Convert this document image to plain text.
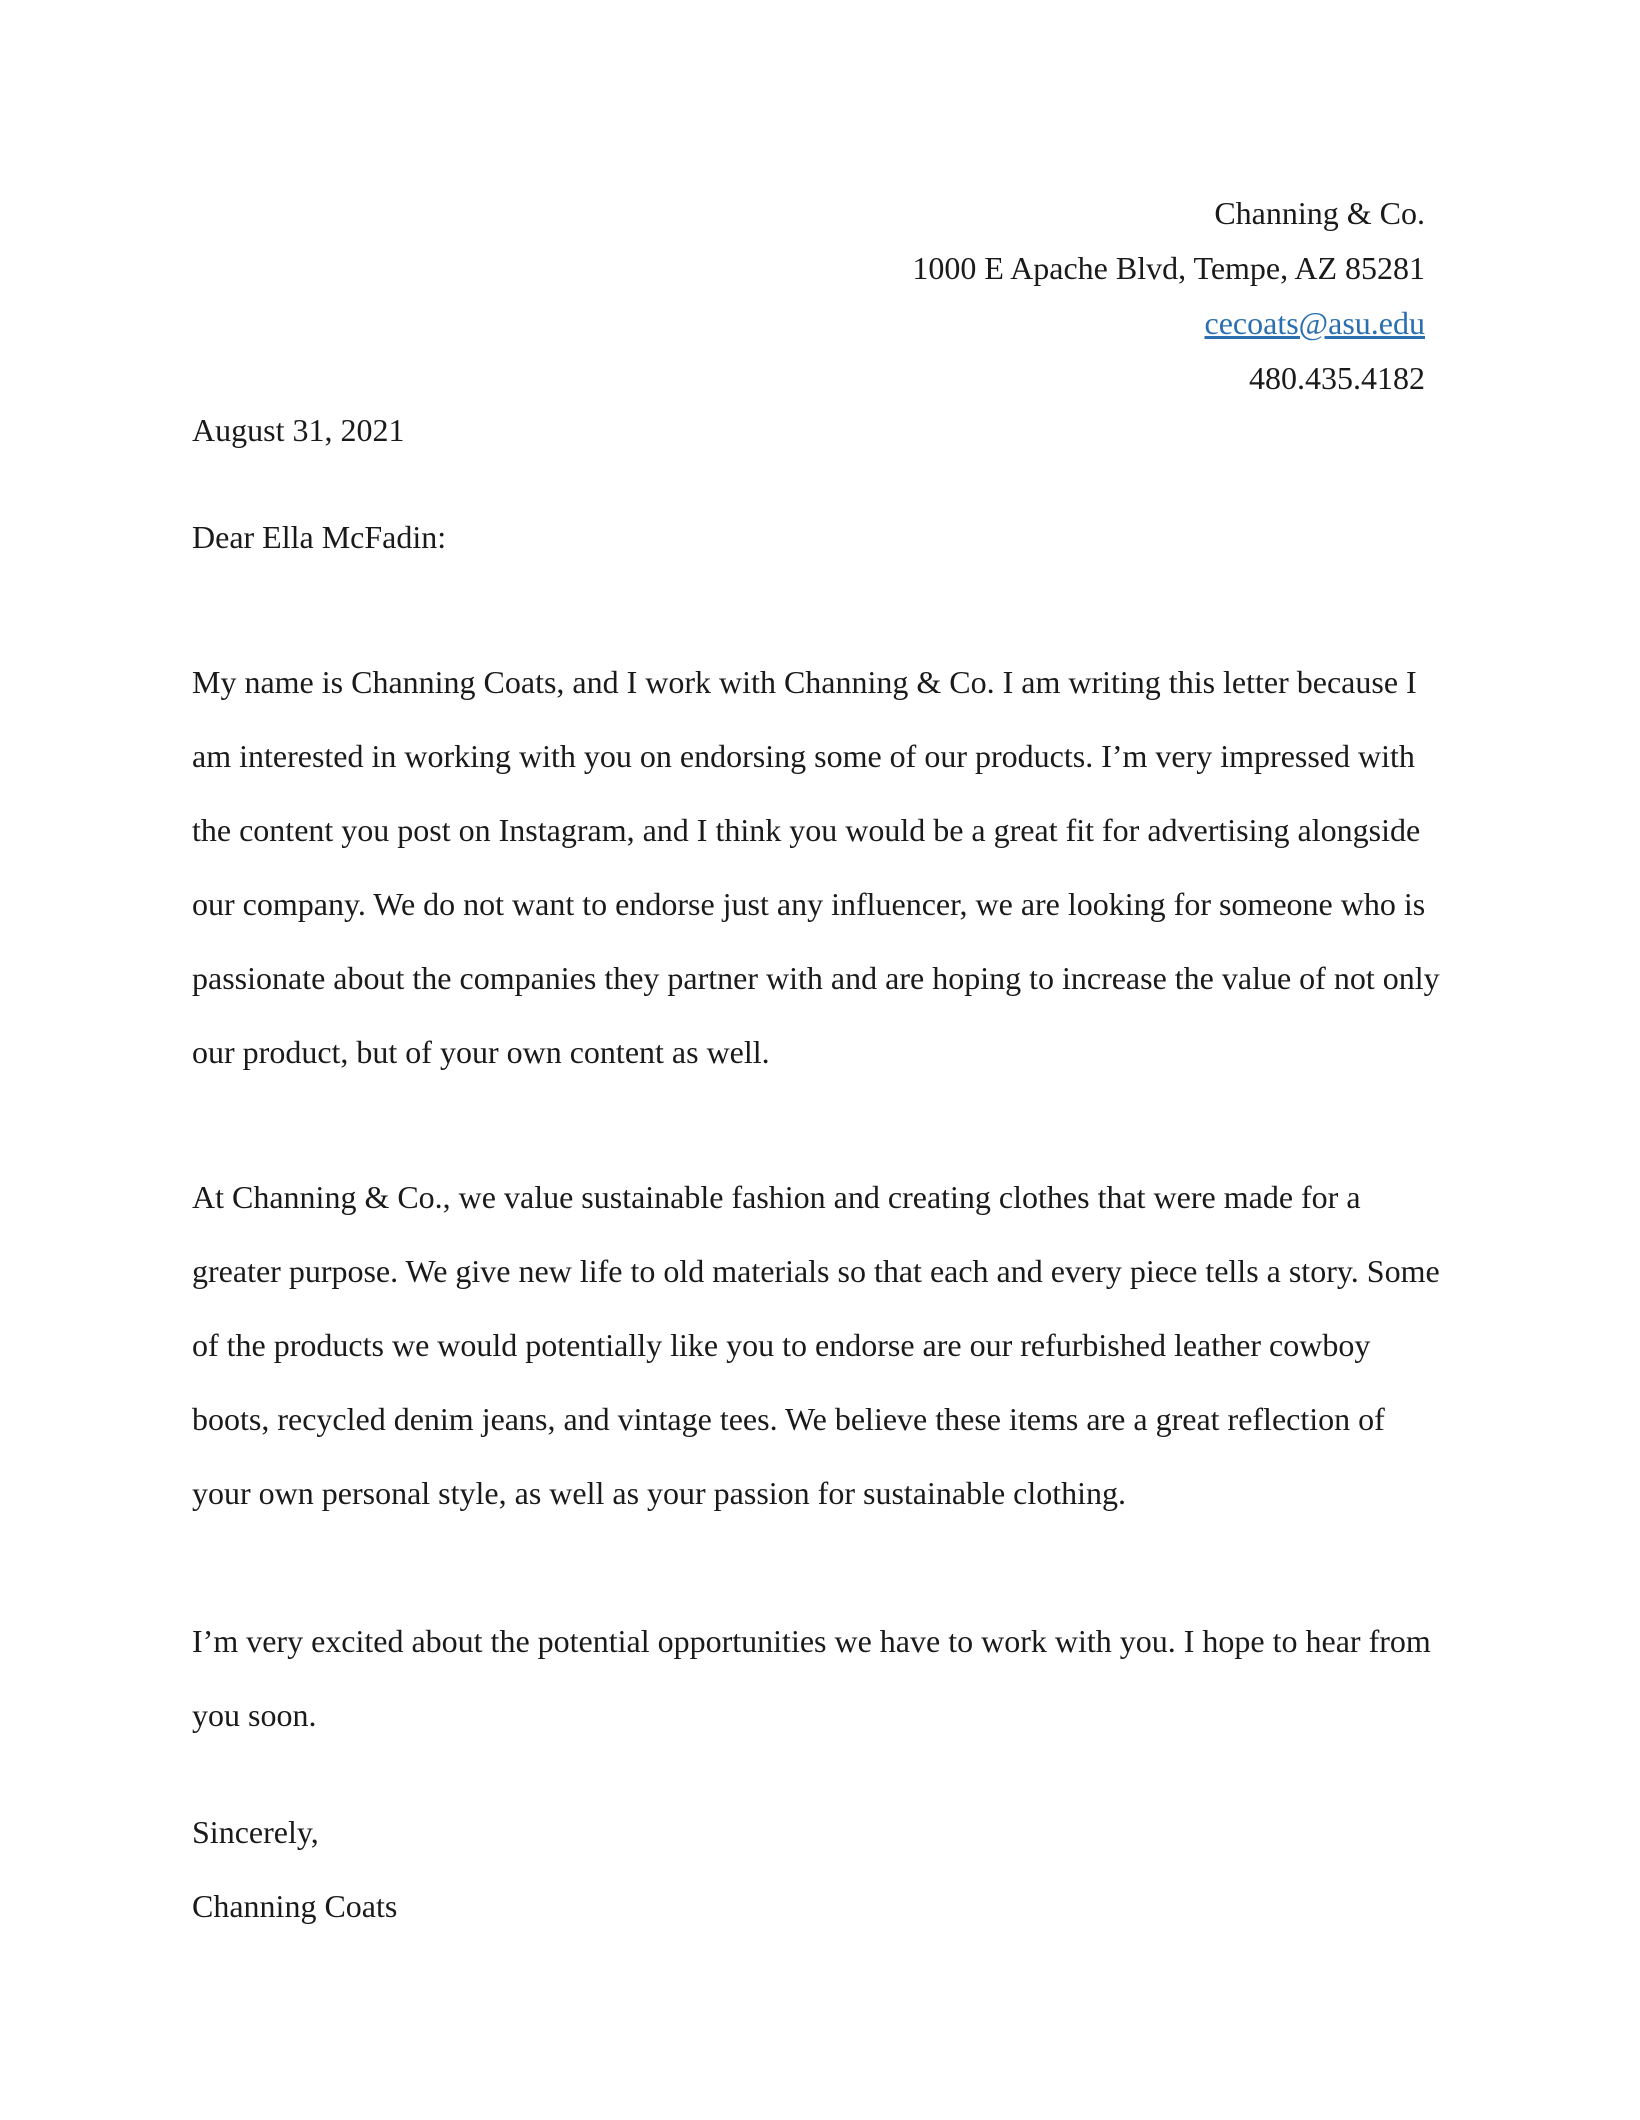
Channing & Co.
1000 E Apache Blvd, Tempe, AZ 85281
cecoats@asu.edu
480.435.4182
August 31, 2021
Dear Ella McFadin:

My name is Channing Coats, and I work with Channing & Co. I am writing this letter because I am interested in working with you on endorsing some of our products. I’m very impressed with the content you post on Instagram, and I think you would be a great fit for advertising alongside our company. We do not want to endorse just any influencer, we are looking for someone who is passionate about the companies they partner with and are hoping to increase the value of not only our product, but of your own content as well.

At Channing & Co., we value sustainable fashion and creating clothes that were made for a greater purpose. We give new life to old materials so that each and every piece tells a story. Some of the products we would potentially like you to endorse are our refurbished leather cowboy boots, recycled denim jeans, and vintage tees. We believe these items are a great reflection of your own personal style, as well as your passion for sustainable clothing.

I’m very excited about the potential opportunities we have to work with you. I hope to hear from you soon.

Sincerely,
Channing Coats
